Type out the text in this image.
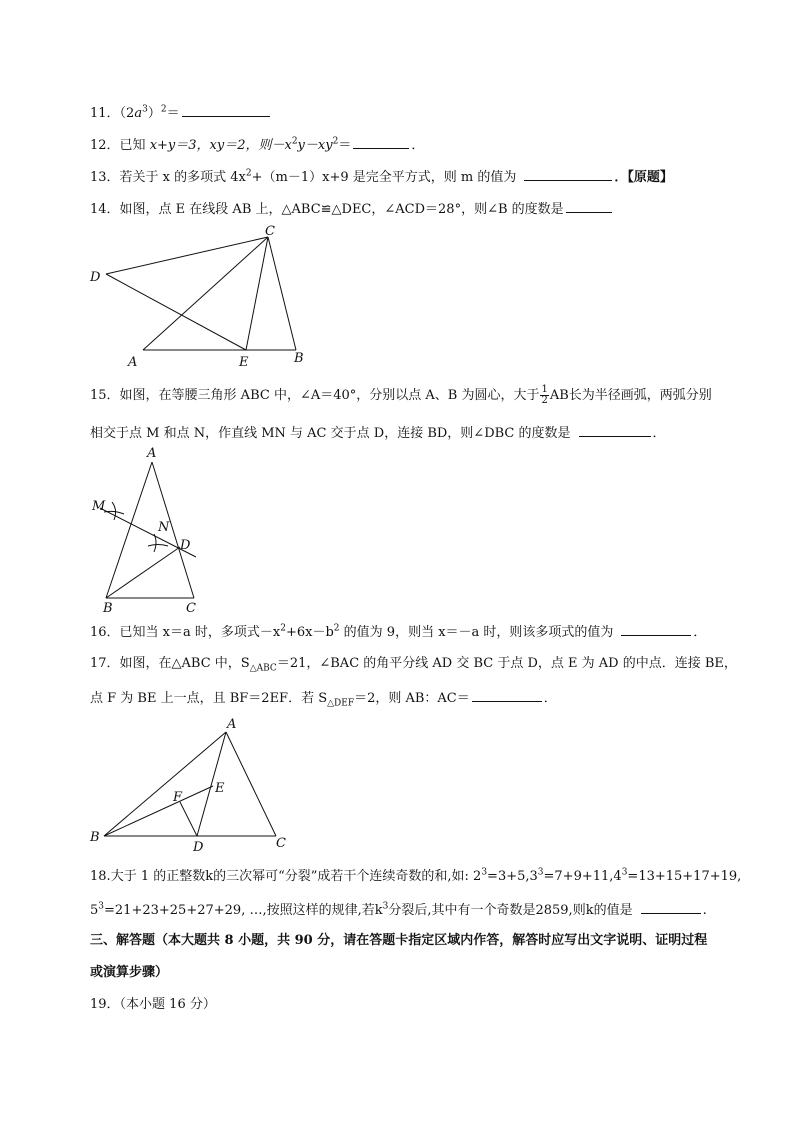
11．$(2a^3)^2=$
12．已知 x+y＝3，xy＝2，则$-x^2y-xy^2=$	．
13．若关于 x 的多项式 $4x^2+(m-1)x+9$ 是完全平方式，则 m 的值为	．【原题】
14．如图，点 E 在线段 AB 上，△ABC≌△DEC，∠ACD＝28°，则∠B 的度数是
C
D
A	E	B
15．如图，在等腰三角形 ABC 中，∠A＝40°，分别以点 A、B 为圆心，大于 $\frac{1}{2}$ AB长为半径画弧，两弧分别
相交于点 M 和点 N，作直线 MN 与 AC 交于点 D，连接 BD，则∠DBC 的度数是	．
A
M
N
D
B	C
16．已知当 x＝a 时，多项式$-x^2+6x-b^2$ 的值为 9，则当 x＝－a 时，则该多项式的值为	．
17．如图，在△ABC 中，$S_{\triangle ABC}=21$，∠BAC 的角平分线 AD 交 BC 于点 D，点 E 为 AD 的中点．连接 BE，
点 F 为 BE 上一点，且 BF＝2EF．若 $S_{\triangle DEF}=2$，则 AB：AC＝	．
A
E
F
B
D	C
18.大于 1 的正整数k的三次幂可“分裂”成若干个连续奇数的和,如: $2^3=3+5,3^3=7+9+11,4^3=13+15+17+19$,
$5^3=21+23+25+27+29$, …,按照这样的规律,若$k^3$分裂后,其中有一个奇数是2859,则k的值是	.
三、解答题（本大题共 8 小题，共 90 分，请在答题卡指定区域内作答，解答时应写出文字说明、证明过程
或演算步骤）
19．（本小题 16 分）
